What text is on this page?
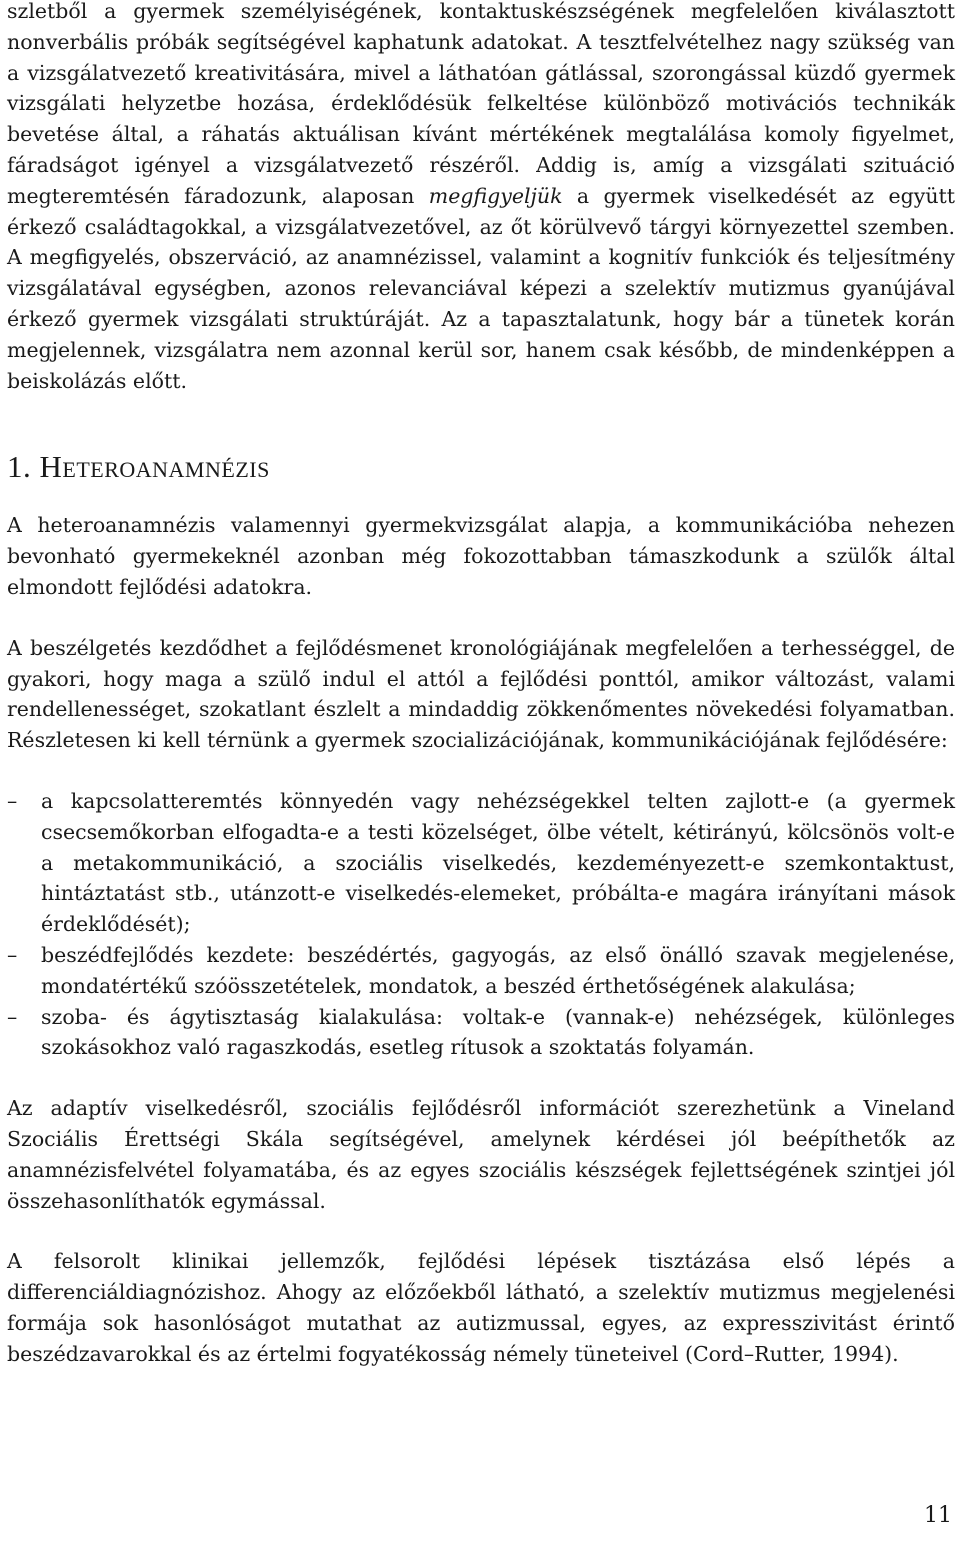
szletből a gyermek személyiségének, kontaktuskészségének megfelelően kiválasztott nonverbális próbák segítségével kaphatunk adatokat. A tesztfelvételhez nagy szükség van a vizsgálatvezető kreativitására, mivel a láthatóan gátlással, szorongással küzdő gyermek vizsgálati helyzetbe hozása, érdeklődésük felkeltése különböző motivációs technikák bevetése által, a ráhatás aktuálisan kívánt mértékének megtalálása komoly figyelmet, fáradságot igényel a vizsgálatvezető részéről. Addig is, amíg a vizsgálati szituáció megteremtésén fáradozunk, alaposan megfigyeljük a gyermek viselkedését az együtt érkező családtagokkal, a vizsgálatvezetővel, az őt körülvevő tárgyi környezettel szemben. A megfigyelés, obszerváció, az anamnézissel, valamint a kognitív funkciók és teljesítmény vizsgálatával egységben, azonos relevanciával képezi a szelektív mutizmus gyanújával érkező gyermek vizsgálati struktúráját. Az a tapasztalatunk, hogy bár a tünetek korán megjelennek, vizsgálatra nem azonnal kerül sor, hanem csak később, de mindenképpen a beiskolázás előtt.

1. Heteroanamnézis

A heteroanamnézis valamennyi gyermekvizsgálat alapja, a kommunikációba nehezen bevonható gyermekeknél azonban még fokozottabban támaszkodunk a szülők által elmondott fejlődési adatokra.

A beszélgetés kezdődhet a fejlődésmenet kronológiájának megfelelően a terhességgel, de gyakori, hogy maga a szülő indul el attól a fejlődési ponttól, amikor változást, valami rendellenességet, szokatlant észlelt a mindaddig zökkenőmentes növekedési folyamatban. Részletesen ki kell térnünk a gyermek szocializációjának, kommunikációjának fejlődésére:

– a kapcsolatteremtés könnyedén vagy nehézségekkel telten zajlott-e (a gyermek csecsemőkorban elfogadta-e a testi közelséget, ölbe vételt, kétirányú, kölcsönös volt-e a metakommunikáció, a szociális viselkedés, kezdeményezett-e szemkontaktust, hintáztatást stb., utánzott-e viselkedés-elemeket, próbálta-e magára irányítani mások érdeklődését);
– beszédfejlődés kezdete: beszédértés, gagyogás, az első önálló szavak megjelenése, mondatértékű szóösszetételek, mondatok, a beszéd érthetőségének alakulása;
– szoba- és ágytisztaság kialakulása: voltak-e (vannak-e) nehézségek, különleges szokásokhoz való ragaszkodás, esetleg rítusok a szoktatás folyamán.

Az adaptív viselkedésről, szociális fejlődésről információt szerezhetünk a Vineland Szociális Érettségi Skála segítségével, amelynek kérdései jól beépíthetők az anamnézisfelvétel folyamatába, és az egyes szociális készségek fejlettségének szintjei jól összehasonlíthatók egymással.

A felsorolt klinikai jellemzők, fejlődési lépések tisztázása első lépés a differenciáldiagnózishoz. Ahogy az előzőekből látható, a szelektív mutizmus megjelenési formája sok hasonlóságot mutathat az autizmussal, egyes, az expresszivitást érintő beszédzavarokkal és az értelmi fogyatékosság némely tüneteivel (Cord–Rutter, 1994).

11
